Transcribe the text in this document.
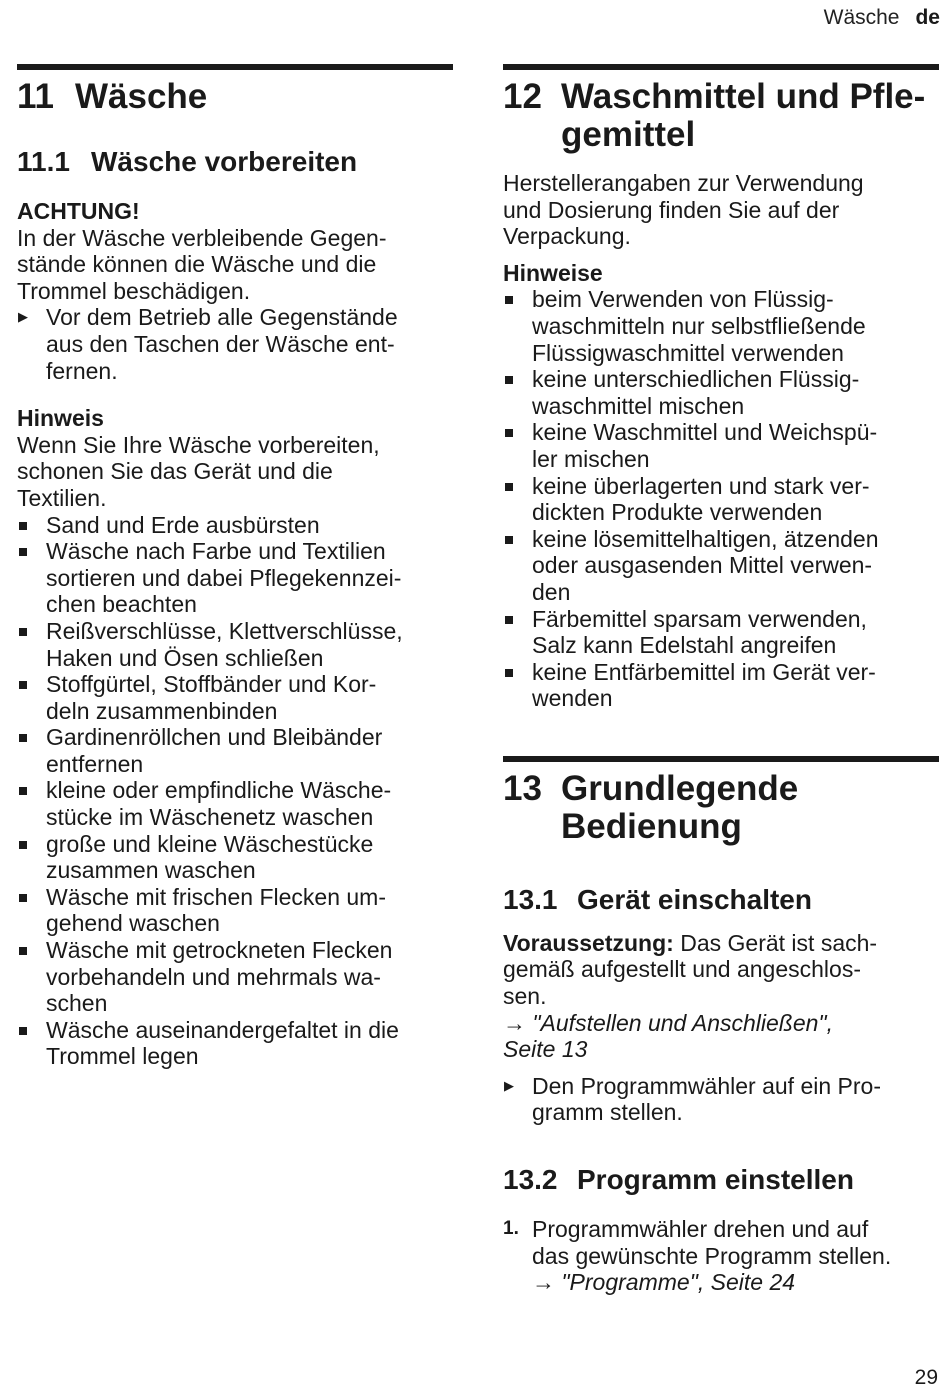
Wäsche de
11 Wäsche
11.1 Wäsche vorbereiten

ACHTUNG!

In der Wäsche verbleibende Gegen-

stände können die Wäsche und die

Trommel beschädigen.

▶ Vor dem Betrieb alle Gegenstände
aus den Taschen der Wäsche ent-
fernen.

Hinweis

Wenn Sie Ihre Wäsche vorbereiten,

schonen Sie das Gerät und die

Textilien.

Sand und Erde ausbürsten
Wäsche nach Farbe und Textilien
sortieren und dabei Pflegekennzei-
chen beachten
Reißverschlüsse, Klettverschlüsse,
Haken und Ösen schließen
Stoffgürtel, Stoffbänder und Kor-
deln zusammenbinden
Gardinenröllchen und Bleibänder
entfernen
kleine oder empfindliche Wäsche-
stücke im Wäschenetz waschen
große und kleine Wäschestücke
zusammen waschen
Wäsche mit frischen Flecken um-
gehend waschen
Wäsche mit getrockneten Flecken
vorbehandeln und mehrmals wa-
schen
Wäsche auseinandergefaltet in die
Trommel legen
12 Waschmittel und Pfle-
gemittel

Herstellerangaben zur Verwendung

und Dosierung finden Sie auf der

Verpackung.

Hinweise

beim Verwenden von Flüssig-
waschmitteln nur selbstfließende
Flüssigwaschmittel verwenden
keine unterschiedlichen Flüssig-
waschmittel mischen
keine Waschmittel und Weichspü-
ler mischen
keine überlagerten und stark ver-
dickten Produkte verwenden
keine lösemittelhaltigen, ätzenden
oder ausgasenden Mittel verwen-
den
Färbemittel sparsam verwenden,
Salz kann Edelstahl angreifen
keine Entfärbemittel im Gerät ver-
wenden
13 Grundlegende
Bedienung
13.1 Gerät einschalten

Voraussetzung: Das Gerät ist sach-

gemäß aufgestellt und angeschlos-

sen.

→ "Aufstellen und Anschließen",
Seite 13
▶ Den Programmwähler auf ein Pro-
gramm stellen.
13.2 Programm einstellen
1. Programmwähler drehen und auf
das gewünschte Programm stellen.
→ "Programme", Seite 24
29
